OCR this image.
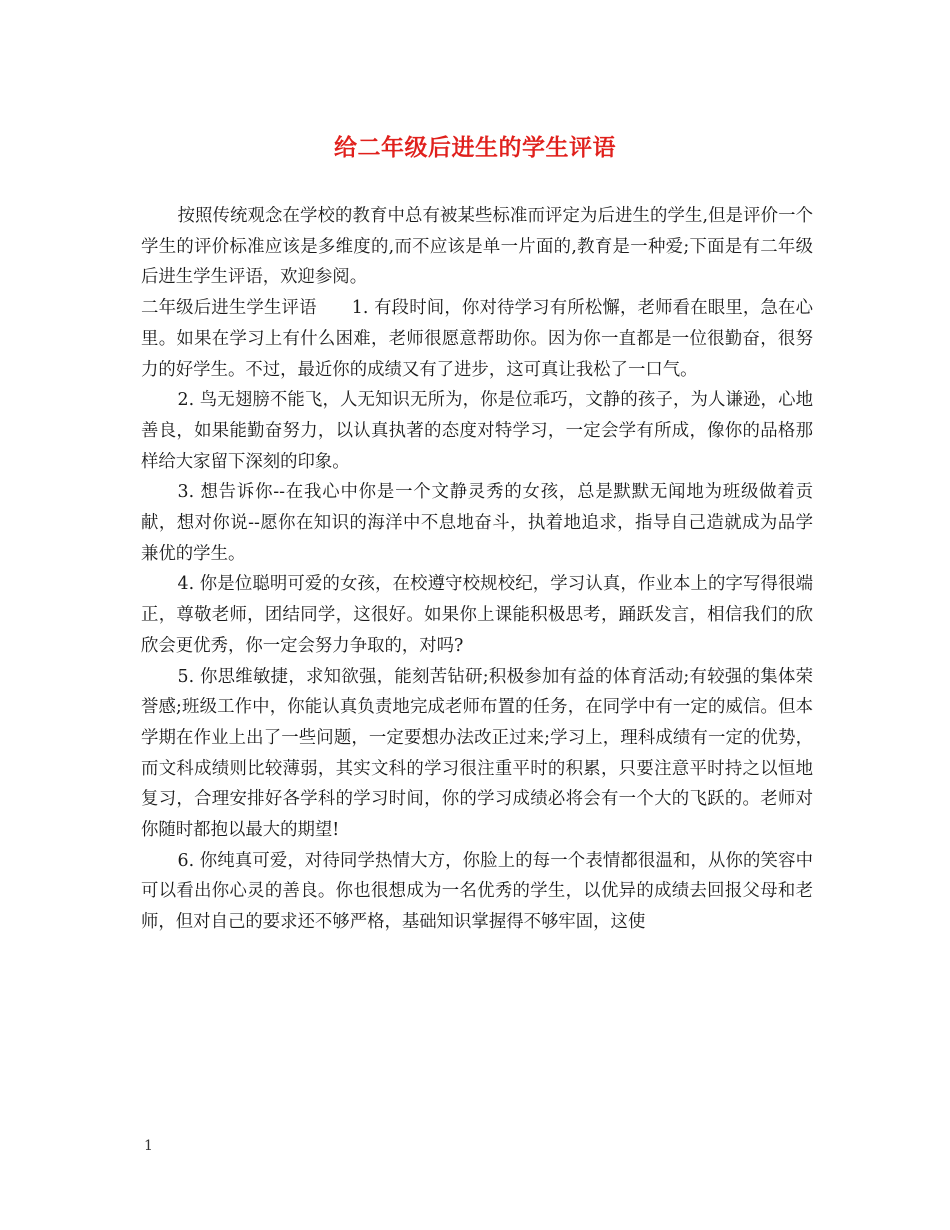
给二年级后进生的学生评语

按照传统观念在学校的教育中总有被某些标准而评定为后进生的学生,但是评价一个学生的评价标准应该是多维度的,而不应该是单一片面的,教育是一种爱;下面是有二年级后进生学生评语，欢迎参阅。

二年级后进生学生评语　　1. 有段时间，你对待学习有所松懈，老师看在眼里，急在心里。如果在学习上有什么困难，老师很愿意帮助你。因为你一直都是一位很勤奋，很努力的好学生。不过，最近你的成绩又有了进步，这可真让我松了一口气。

2. 鸟无翅膀不能飞，人无知识无所为，你是位乖巧，文静的孩子，为人谦逊，心地善良，如果能勤奋努力，以认真执著的态度对特学习，一定会学有所成，像你的品格那样给大家留下深刻的印象。

3. 想告诉你--在我心中你是一个文静灵秀的女孩，总是默默无闻地为班级做着贡献，想对你说--愿你在知识的海洋中不息地奋斗，执着地追求，指导自己造就成为品学兼优的学生。

4. 你是位聪明可爱的女孩，在校遵守校规校纪，学习认真，作业本上的字写得很端正，尊敬老师，团结同学，这很好。如果你上课能积极思考，踊跃发言，相信我们的欣欣会更优秀，你一定会努力争取的，对吗?

5. 你思维敏捷，求知欲强，能刻苦钻研;积极参加有益的体育活动;有较强的集体荣誉感;班级工作中，你能认真负责地完成老师布置的任务，在同学中有一定的威信。但本学期在作业上出了一些问题，一定要想办法改正过来;学习上，理科成绩有一定的优势，而文科成绩则比较薄弱，其实文科的学习很注重平时的积累，只要注意平时持之以恒地复习，合理安排好各学科的学习时间，你的学习成绩必将会有一个大的飞跃的。老师对你随时都抱以最大的期望!

6. 你纯真可爱，对待同学热情大方，你脸上的每一个表情都很温和，从你的笑容中可以看出你心灵的善良。你也很想成为一名优秀的学生，以优异的成绩去回报父母和老师，但对自己的要求还不够严格，基础知识掌握得不够牢固，这使

1
